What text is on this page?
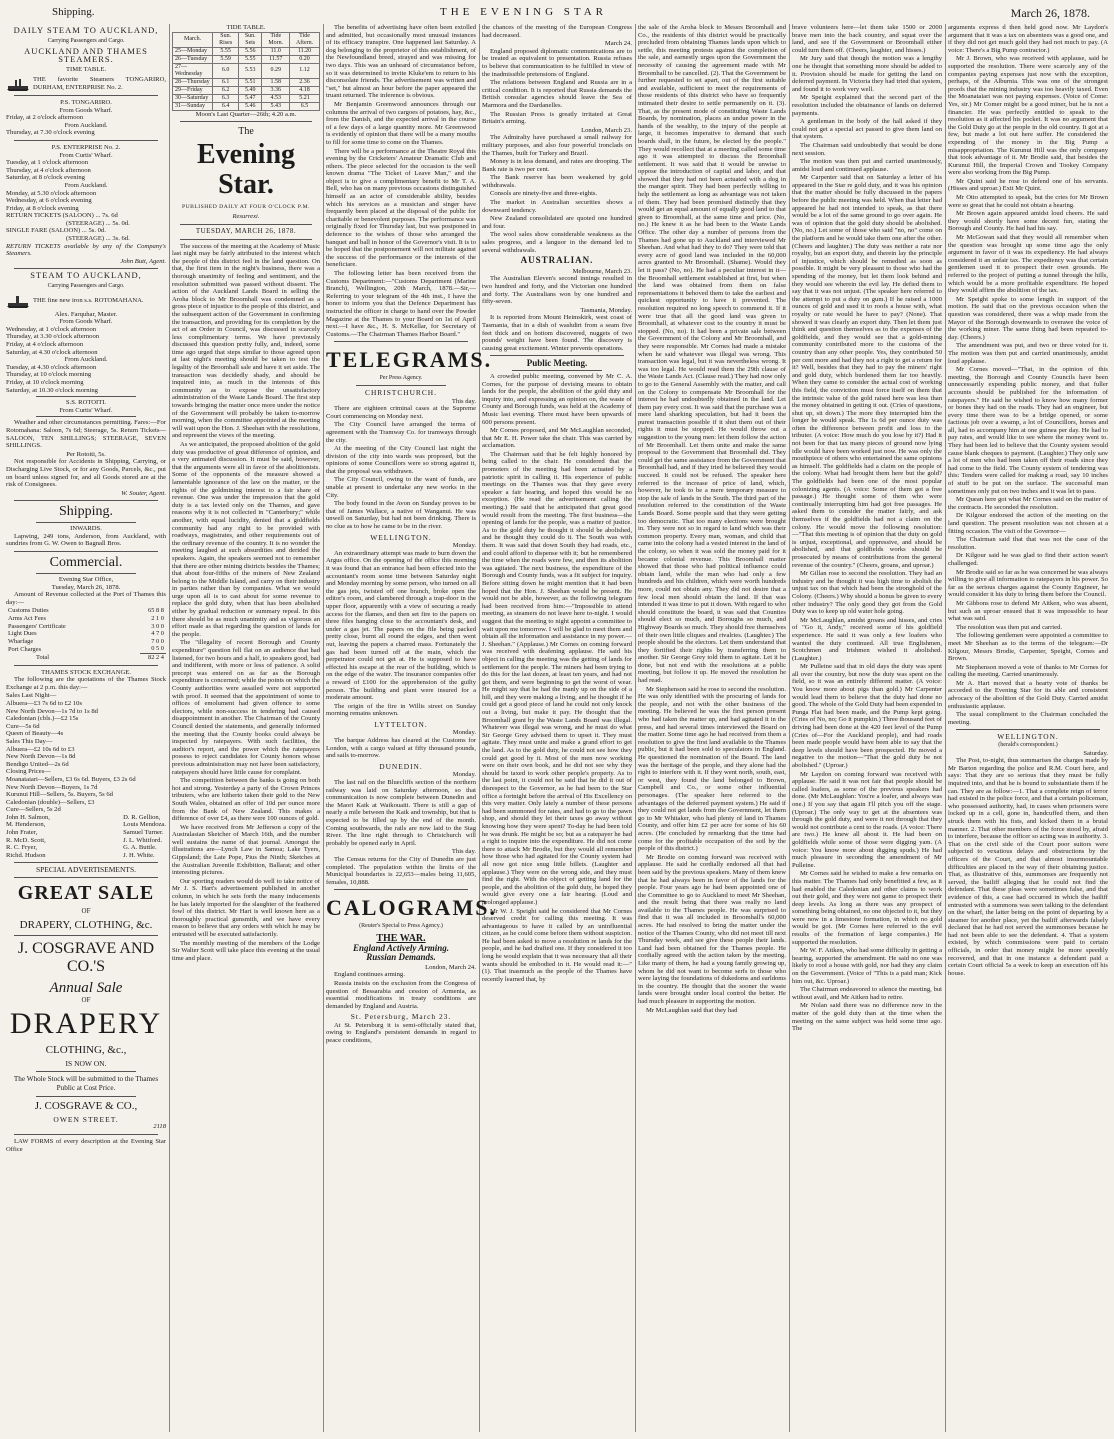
Shipping.	THE EVENING STAR	March 26, 1878.
DAILY STEAM TO AUCKLAND,
Carrying Passengers and Cargo.
AUCKLAND AND THAMES STEAMERS.
TIME TABLE.
THE favorite Steamers TONGARIRO, DURHAM, ENTERPRISE No. 2.
P.S. TONGARIRO.
From Goods Wharf.
Friday, at 2 o'clock afternoon
From Auckland.
Thursday, at 7.30 o'clock evening
P.S. ENTERPRISE No. 2.
From Curtis' Wharf.
Tuesday, at 1 o'clock afternoon
Thursday, at 4 o'clock afternoon
Saturday, at 8 o'clock evening
From Auckland.
Monday, at 5.30 o'clock afternoon
Wednesday, at 6 o'clock evening
Friday, at 8 o'clock evening
RETURN TICKETS (SALOON) ... 7s. 6d
(STEERAGE) ... 5s. 0d.
SINGLE FARE (SALOON) ... 5s. 0d.
(STEERAGE) ... 3s. 6d.
RETURN TICKETS available by any of the Company's Steamers.
John Butt, Agent.
STEAM TO AUCKLAND,
Carrying Passengers and Cargo.
THE fine new iron s.s. ROTOMAHANA.
Alex. Farquhar, Master.
From Goods Wharf.
Wednesday, at 1 o'clock afternoon
Thursday, at 3.30 o'clock afternoon
Friday, at 4 o'clock afternoon
Saturday, at 4.30 o'clock afternoon
From Auckland.
Tuesday, at 4.30 o'clock afternoon
Thursday, at 10 o'clock morning
Friday, at 10 o'clock morning
Saturday, at 10.30 o'clock morning
S.S. ROTOITI.
From Curtis' Wharf.

Weather and other circumstances permitting. Fares:—For Rotomahana: Saloon, 7s 6d; Steerage, 5s. Return Tickets—SALOON, TEN SHILLINGS; STEERAGE, SEVEN SHILLINGS.

Per Rotoiti, 5s.

Not responsible for Accidents in Shipping, Carrying, or Discharging Live Stock, or for any Goods, Parcels, &c., put on board unless signed for, and all Goods stored are at the risk of Consignees.

W. Souter, Agent.
Shipping.
INWARDS.

Lapwing, 249 tons, Anderson, from Auckland, with sundries from G. W. Owen to Bagnall Bros.

Commercial.
Evening Star Office,
Tuesday, March 26, 1878.

Amount of Revenue collected at the Port of Thames this day:—

Customs Duties	65 8 8
Arms Act Fees	2 1 0
Passengers' Certificate	3 0 0
Light Dues	4 7 0
Wharfage	7 0 0
Port Charges	0 5 0
Total	82 2 4
THAMES STOCK EXCHANGE.

The following are the quotations of the Thames Stock Exchange at 2 p.m. this day:—

Sales Last Night—
Albuera—£3 7s 6d to £2 10s
New North Devon—1s 7d to 1s 8d
Caledonian (cbls.)—£2 15s
Cure—5s 6d
Queen of Beauty—4s
Sales This Day—
Albuera—£2 10s 6d to £3
New North Devon—1s 8d
Bendigo United—2s 6d
Closing Prices—
Moanataiari—Sellers, £3 6s 6d. Buyers, £3 2s 6d
New North Devon—Buyers, 1s 7d
Kurunui Hill—Sellers, 5s. Buyers, 5s 6d
Caledonian (double)—Sellers, £3
Cure—Sellers, 5s 2d
John H. Salmon,
M. Henderson,
John Frater,
R. McD. Scott,
R. C. Fryer,
Richd. Hudson
D. R. Gellion,
Louis Mendoza.
Samuel Turner.
J. L. Whitford.
G. A. Buttle.
J. H. White.
SPECIAL ADVERTISEMENTS.
GREAT SALE
OF
DRAPERY, CLOTHING, &c.
J. COSGRAVE AND CO.'S
Annual Sale
OF
DRAPERY
CLOTHING, &c.,
IS NOW ON.

The Whole Stock will be submitted to the Thames Public at Cost Price.

J. COSGRAVE & CO.,
OWEN STREET.
2118

LAW FORMS of every description at the Evening Star Office

TIDE TABLE.
March.	Sun. Rises	Sun. Sets	Tide Morn.	Tide Aftern.
25—Monday	5.55	5.56	11.0	11.20
26—Tuesday	5.59	5.55	11.57	0.20
27—Wednesday	6.0	5.53	0.29	1.12
28—Thursday	6.1	5.51	1.58	2.36
29—Friday	6.2	5.49	3.36	4.18
30—Saturday	6.3	5.47	4.53	5.21
31—Sunday	6.4	5.46	5.43	6.5
Moon's Last Quarter—26th; 4.20 a.m.
The
Evening Star.
PUBLISHED DAILY AT FOUR O'CLOCK P.M.
Resurrexi.
TUESDAY, MARCH 26, 1878.

The success of the meeting at the Academy of Music last night may be fairly attributed to the interest which the people of this district feel in the land question. On that, the first item in the night's business, there was a thorough unanimity of feeling and sentiment, and the resolution submitted was passed without dissent. The action of the Auckland Lands Board in selling the Aroha block to Mr Broomhall was condemned as a gross piece of injustice to the people of this district, and the subsequent action of the Government in confirming the transaction, and providing for its completion by the act of an Order in Council, was discussed in scarcely less complimentary terms. We have previously discussed this question pretty fully, and, indeed, some time ago urged that steps similar to those agreed upon at last night's meeting should be taken to test the legality of the Broomhall sale and have it set aside. The transaction was decidedly shady, and should be inquired into, as much in the interests of this community as to expose the unsatisfactory administration of the Waste Lands Board. The first step towards bringing the matter once more under the notice of the Government will probably be taken to-morrow morning, when the committee appointed at the meeting will wait upon the Hon. J. Sheehan with the resolutions, and represent the views of the meeting.

As we anticipated, the proposed abolition of the gold duty was productive of great difference of opinion, and a very animated discussion. It must be said, however, that the arguments were all in favor of the abolitionists. Some of the opponents of the measure showed a lamentable ignorance of the law on the matter, or the rights of the goldmining interest to a fair share of revenue. One was under the impression that the gold duty is a tax levied only on the Thames, and gave reasons why it is not collected in "Canterbury;" while another, with equal lucidity, denied that a goldfields community had any right to be provided with roadways, magistrates, and other requirements out of the ordinary revenue of the country. It is no wonder the meeting laughed at such absurdities and derided the speakers. Again, the speakers seemed not to remember that there are other mining districts besides the Thames; that about four-fifths of the miners of New Zealand belong to the Middle Island, and carry on their industry in parties rather than by companies. What we would urge upon all is to cast about for some revenue to replace the gold duty, when that has been abolished either by gradual reduction or summary repeal. In this there should be as much unanimity and as vigorous an effort made as that regarding the question of lands for the people.

The "illegality of recent Borough and County expenditure" question fell flat on an audience that had listened, for two hours and a half, to speakers good, bad and indifferent, with more or less of patience. A solid precept was entered on as far as the Borough expenditure is concerned; while the points on which the County authorities were assailed were not supported with proof. It seemed that the appointment of some to offices of emolument had given offence to some electors, while non-success in tendering had caused disappointment in another. The Chairman of the County Council denied the statements, and generally informed the meeting that the County books could always be inspected by ratepayers. With such facilities, the auditor's report, and the power which the ratepayers possess to reject candidates for County honors whose previous administration may not have been satisfactory, ratepayers should have little cause for complaint.

The competition between the banks is going on both hot and strong. Yesterday a party of the Crown Princes tributers, who are hitherto taken their gold to the New South Wales, obtained an offer of 10d per ounce more from the Bank of New Zealand. This makes a difference of over £4, as there were 100 ounces of gold.

We have received from Mr Jefferson a copy of the Australasian Sketcher of March 16th, and the number well sustains the name of that journal. Amongst the illustrations are—Lynch Law in Samoa; Lake Tyers, Gippsland; the Late Pope, Pius the Ninth; Sketches at the Australian Juvenile Exhibition, Ballarat; and other interesting pictures.

Our sporting readers would do well to take notice of Mr J. S. Hart's advertisement published in another column, in which he sets forth the many inducements he has lately imported for the slaughter of the feathered fowl of this district. Mr Hart is well known here as a thoroughly practical gunsmith, and we have every reason to believe that any orders with which he may be entrusted will be executed satisfactorily.

The monthly meeting of the members of the Lodge Sir Walter Scott will take place this evening at the usual time and place.

The benefits of advertising have often been extolled and admitted, but occasionally most unusual instances of its efficacy transpire. One happened last Saturday. A dog belonging to the proprietor of this establishment, of the Newfoundland breed, strayed and was missing for two days. This was an unheard of circumstance before, so it was determined to invite Kluke'em to return to his disconsolate friends. The advertisement was written and "set," but almost an hour before the paper appeared the truant returned. The inference is obvious.

Mr Benjamin Greenwood announces through our columns the arrival of two cargoes of potatoes, hay, &c., from the Danish, and the expected arrival in the course of a few days of a large quantity more. Mr Greenwood is evidently of opinion that there will be a many mouths to fill for some time to come on the Thames.

There will be a performance at the Theatre Royal this evening by the Cricketers' Amateur Dramatic Club and others. The piece selected for the occasion is the well known drama "The Ticket of Leave Man," and the object is to give a complimentary benefit to Mr T. A. Bell, who has on many previous occasions distinguished himself as an actor of considerable ability, besides which his services as a musician and singer have frequently been placed at the disposal of the public for charitable or benevolent purposes. The performance was originally fixed for Thursday last, but was postponed in deference to the wishes of those who arranged the banquet and ball in honor of the Governor's visit. It is to be hoped that the postponement will not militate against the success of the performance or the interests of the beneficiare.

The following letter has been received from the Customs Department:—"Customs Department (Marine Branch), Wellington, 20th March, 1878.—Sir,—Referring to your telegram of the 4th inst., I have the honor to inform you that the Defence Department has instructed the officer in charge to hand over the Powder Magazine at the Thames to your Board on 1st of April next.—I have &c., H. S. McKellar, for Secretary of Customs.—The Chairman Thames Harbor Board."

TELEGRAMS.
Per Press Agency.
CHRISTCHURCH.
This day.

There are eighteen criminal cases at the Supreme Court commencing on Monday next.

The City Council have arranged the terms of agreement with the Tramway Co. for tramways through the city.

At the meeting of the City Council last night the division of the city into wards was proposed, but the opinions of some Councillors were so strong against it, that the proposal was withdrawn.

The City Council, owing to the want of funds, are unable at present to undertake any new works in the City.

The body found in the Avon on Sunday proves to be that of James Wallace, a native of Wanganui. He was unwell on Saturday, but had not been drinking. There is no clue as to how he came to be in the river.

WELLINGTON.
Monday.

An extraordinary attempt was made to burn down the Argus office. On the opening of the office this morning it was found that an entrance had been effected into the accountant's room some time between Saturday night and Monday morning by some person, who turned on all the gas jets, twisted off one branch, broke open the editor's room, and clambered through a trap-door in the upper floor, apparently with a view of securing a ready access for the flames, and then set fire to the papers on three files hanging close to the accountant's desk, and under a gas jet. The papers on the file being packed pretty close, burnt all round the edges, and then went out, leaving the papers a charred mass. Fortunately the gas had been turned off at the main, which the perpetrator could not get at. He is supposed to have effected his escape at the rear of the building, which is on the edge of the water. The insurance companies offer a reward of £100 for the apprehension of the guilty person. The building and plant were insured for a moderate amount.

The origin of the fire in Willis street on Sunday morning remains unknown.

LYTTELTON.
Monday.

The barque Address has cleared at the Customs for London, with a cargo valued at fifty thousand pounds, and sails to-morrow.

DUNEDIN.
Monday.

The last rail on the Bluecliffs section of the northern railway was laid on Saturday afternoon, so that communication is now complete between Dunedin and the Maori Kaik at Waikouaiti. There is still a gap of nearly a mile between the Kaik and township, but that is expected to be filled up by the end of the month. Coming southwards, the rails are now laid to the Stag River. The line right through to Christchurch will probably be opened early in April.

This day.

The Census returns for the City of Dunedin are just completed. The population within the limits of the Municipal boundaries is 22,653—males being 11,605, females, 10,888.

CALOGRAMS.
(Reuter's Special to Press Agency.)
THE WAR.
England Actively Arming.
Russian Demands.
London, March 24.

England continues arming.

Russia insists on the exclusion from the Congress of question of Bessarabia and cession of Armenia, as essential modifications in treaty conditions are demanded by England and Austria.

St. Petersburg, March 23.

At St. Petersburg it is semi-officially stated that, owing to England's persistent demands in regard to peace conditions,

the chances of the meeting of the European Congress had decreased.

March 24.

England proposed diplomatic communications are to be treated as equivalent to presentation. Russia refuses to believe that communication to be fulfilled in view of the inadmissible pretensions of England.

The relations between England and Russia are in a critical condition. It is reported that Russia demands the British consular agencies should leave the Sea of Marmora and the Dardanelles.

The Russian Press is greatly irritated at Great Britain's arming.

London, March 23.

The Admiralty have purchased a small railway for military purposes, and also four powerful ironclads on the Thames, built for Turkey and Brazil.

Money is in less demand, and rates are drooping. The Bank rate is two per cent.

The Bank reserve has been weakened by gold withdrawals.

Consols are ninety-five and three-eights.

The market in Australian securities shows a downward tendency.

New Zealand consolidated are quoted one hundred and four.

The wool sales show considerable weakness as the sales progress, and a languor in the demand led to several withdrawals.

AUSTRALIAN.
Melbourne, March 23.

The Australian Eleven's second innings resulted in two hundred and forty, and the Victorian one hundred and forty. The Australians won by one hundred and fifty-seven.

Tasmania, Monday.

It is reported from Mount Heimskirk, west coast of Tasmania, that in a dish of washdirt from a seam five feet thick and on bottom discovered, nuggets of two pounds' weight have been found. The discovery is causing great excitement. Winter prevents operations.

Public Meeting.

A crowded public meeting, convened by Mr C. A. Cornes, for the purpose of devising means to obtain lands for the people, the abolition of the gold duty and inquiry into, and expressing an opinion on, the waste of County and Borough funds, was held at the Academy of Music last evening. There must have been upwards of 600 persons present.

Mr Cornes proposed, and Mr McLaughlan seconded, that Mr E. H. Power take the chair. This was carried by acclamation.

The Chairman said that he felt highly honored by being called to the chair. He considered that the promoters of the meeting had been actuated by a patriotic spirit in calling it. His experience of public meetings on the Thames was that they gave every speaker a fair hearing, and hoped this would be no exception. (He read the advertisement calling the meeting.) He said that he anticipated that great good would result from the meeting. The first business—the opening of lands for the people, was a matter of justice. As to the gold duty he thought it should be abolished, and he thought they could do it. The South was with them. It was said that down South they had roads, etc., and could afford to dispense with it; but he remembered the time when the roads were few, and then its abolition was agitated. The next business, the expenditure of the Borough and County funds, was a fit subject for inquiry. Before sitting down he might mention that it had been hoped that the Hon. J. Sheehan would be present. He would not be able, however, as the following telegram had been received from him:—"Impossible to attend meeting, as steamers do not leave here to-night. I would suggest that the meeting to night appoint a committee to wait upon me tomorrow. I will be glad to meet them and obtain all the information and assistance in my power.—J. Sheehan." (Applause.) Mr Cornes on coming forward was received with deafening applause. He said his object in calling the meeting was the getting of lands for settlement for the people. The miners had been trying to do this for the last dozen, at least ten years, and had not got them, and were beginning to get the worst of wear. He might say that he had the manly up on the side of a hill, and they were making a living, and he thought if he could get a good piece of land he could not only knock out a living, but make it pay. He thought that the Broomhall grant by the Waste Lands Board was illegal. Whatever was illegal was wrong, and he must do what Sir George Grey advised them to upset it. They must agitate. They must unite and make a grand effort to get the land. As to the gold duty, he could not see how they could get good by it. Most of the men now working were on their own book, and he did not see why they should be taxed to work other people's property. As to the last point, it could not be said that he did it out of disrespect to the Governor, as he had been to the Star office a fortnight before the arrival of His Excellency on this very matter. Only lately a number of these persons had been summoned for rates, and had to go to the pawn shop, and should they let their taxes go away without knowing how they were spent? To-day he had been told he was drunk. He might be so; but as a ratepayer he had a right to inquire into the expenditure. He did not come there to attack Mr Brodie, but they would all remember how those who had agitated for the County system had all now got nice snug little billets. (Laughter and applause.) They were on the wrong side, and they must find the right. With the object of getting land for the people, and the abolition of the gold duty, he hoped they would give every one a fair hearing. (Loud and prolonged applause.)

Mr W. J. Speight said he considered that Mr Cornes deserved credit for calling this meeting. It was advantageous to have it called by an uninfluential citizen, as he could come before them without suspicion. He had been asked to move a resolution re lands for the people, and he had drafted one. If they considered it too long he would explain that it was necessary that all their wants should be embodied in it. He would read it:—"(1). That inasmuch as the people of the Thames have recently learned that, by

the sale of the Aroha block to Messrs Broomhall and Co., the residents of this district would be practically precluded from obtaining Thames lands upon which to settle, this meeting protests against the completion of the sale, and earnestly urges upon the Government the necessity of causing the agreement made with Mr Broomhall to be cancelled. (2). That the Government be further requested to set apart, out of the first suitable and available, sufficient to meet the requirements of those residents of this district who have so frequently intimated their desire to settle permanently on it. (3). That, as the present mode of constituting Waste Lands Boards, by nomination, places an undue power in the hands of the wealthy, to the injury of the people at large, it becomes imperative to demand that such boards shall, in the future, be elected by the people." They would recollect that at a meeting called some time ago it was attempted to discuss the Broomhall settlement. It was said that it would be unwise to oppose the introduction of capital and labor, and that showed that they had not been actuated with a dog in the manger spirit. They had been perfectly willing to help the settlement as long as advantage was not taken of them. They had been promised distinctly that they would get an equal amount of equally good land to that given to Broomhall, at the same time and price. (No, no.) He knew it as he had been to the Waste Lands Office. The other day a number of persons from the Thames had gone up to Auckland and interviewed Mr Sheehan. And what had they to do? They were told that every acre of good land was included in the 60,000 acres granted to Mr Broomhall. (Shame). Would they let it pass? (No, no). He had a peculiar interest in it—the Broomhall settlement established at first, but when the land was obtained from them on false representations it behoved them to take the earliest and quickest opportunity to have it prevented. The resolution required no long speech to commend it. If it were true that all the good land was given to Broomhall, at whatever cost to the country it must be stopped. (No, no). It had been a private sale between the Government of the Colony and Mr Broomhall, and they were responsible. Mr Cornes had made a mistake when he said whatever was illegal was wrong. This transaction was legal, but it was nevertheless wrong. It was too legal. He would read them the 29th clause of the Waste Lands Act. (Clause read.) They had now only to go to the General Assembly with the matter, and call on the Colony to compensate Mr Broomhall for the interest he had undoubtedly obtained in the land. Let them pay every cost. It was said that the purchase was a mere land sharking speculation, but had it been the purest transaction possible if it shut them out of their rights it must be stopped. He would throw out a suggestion to the young men: let them follow the action of Mr Broomhall. Let them unite and make the same proposal to the Government that Broomhall did. They could get the same assistance from the Government that Broomhall had, and if they tried he believed they would succeed. It could not be refused. The speaker here referred to the increase of price of land, which, however, he took to be a mere temporary measure to stop the sale of lands in the South. The third part of the resolution referred to the constitution of the Waste Lands Board. Some people said that they were getting too democratic. That too many elections were brought in. They were not so in regard to land which was their common property. Every man, woman, and child that came into the colony had a vested interest in the land of the colony, so when it was sold the money paid for it became colonial revenue. This Broomhall matter showed that those who had political influence could obtain land, while the man who had only a few hundreds and his children, which were worth hundreds more, could not obtain any. They did not desire that a few local men should obtain the land. If that was intended it was time to put it down. With regard to who should constitute the board, it was said that Counties should elect so much, and Boroughs so much, and Highway Boards so much. They should free themselves of their own little cliques and rivalries. (Laughter.) The people should be the electors. Let them understand that they fortified their rights by transferring them to another. Sir George Grey told them to agitate. Let it be done, but not end with the resolutions at a public meeting, but follow it up. He moved the resolution he had read.

Mr Stephenson said he rose to second the resolution. He was only identified with the procuring of lands for the people, and not with the other business of the meeting. He believed he was the first person present who had taken the matter up, and had agitated it in the press, and had several times interviewed the Board on the matter. Some time ago he had received from them a resolution to give the first land available to the Thames public, but it had been sold to speculators in England. He questioned the nomination of the Board. The land was the heritage of the people, and they alone had the right to interfere with it. If they went north, south, east, or west, they found the land belonged to Brown, Campbell and Co., or some other influential personages. (The speaker here referred to the advantages of the deferred payment system.) He said if they could not get lands from the Government, let them go to Mr Whitaker, who had plenty of land in Thames County, and offer him £2 per acre for some of his 60 acres. (He concluded by remarking that the time had come for the profitable occupation of the soil by the people of this district.)

Mr Brodie on coming forward was received with applause. He said he cordially endorsed all that had been said by the previous speakers. Many of them knew that he had always been in favor of the lands for the people. Four years ago he had been appointed one of the Committee to go to Auckland to meet Mr Sheehan, and the result being that there was really no land available to the Thames people. He was surprised to find that it was all included in Broomhall's 60,000 acres. He had resolved to bring the matter under the notice of the Thames County, who did not meet till next Thursday week, and see give these people their lands. Land had been obtained for the Thames people. He cordially agreed with the action taken by the meeting. Like many of them, he had a young family growing up, whom he did not want to become serfs to those who were laying the foundations of dukedoms and earldoms in the country. He thought that the sooner the waste lands were brought under local control the better. He had much pleasure in supporting the motion.

Mr McLaughlan said that they had

brave volunteers here—let them take 1500 or 2000 brave men into the back country, and squat over the land, and see if the Government or Broomhall either could turn them off. (Cheers, laughter, and hisses.)

Mr Jury said that though the motion was a lengthy one he thought that something more should be added to it. Provision should be made for getting the land on deferred payment. In Victoria they had tried that system, and found it to work very well.

Mr Speight explained that the second part of the resolution included the obtainance of lands on deferred payments.

A gentleman in the body of the hall asked if they could not get a special act passed to give them land on that system.

The Chairman said undoubtedly that would be done next session.

The motion was then put and carried unanimously, amidst loud and continued applause.

Mr Carpenter said that on Saturday a letter of his appeared in the Star re gold duty, and it was his opinion that the matter should be fully discussed in the papers before the public meeting was held. When that letter had appeared he had not intended to speak, as that there would be a lot of the same ground to go over again. He was of opinion that the gold duty should be abolished. (No, no.) Let some of those who said "no, no" come on the platform and he would take them one after the other. (Cheers and laughter.) The duty was neither a rate nor royalty, but an export duty, and therein lay the principle of injustice, which should be remedied as soon as possible. It might be very pleasant to those who had the spending of the money, but let them look behind and they would see wherein the evil lay. He defied them to say that it was not unjust. (The speaker here referred to the attempt to put a duty on gum.) If he raised a 1000 ounces of gold and used it to roofs a house with, what royalty or rate would he have to pay? (None). That showed it was clearly an export duty. Then let them just think and question themselves as to the expenses of the goldfields, and they would see that a gold-mining community contributed more to the customs of the country than any other people. Yes, they contributed 50 per cent more and had they not a right to get a return for it? Well, besides that they had to pay the miners' right and gold duty, which burdened them far too heavily. When they came to consider the actual cost of working this field, the conviction must force itself on them that the intrinsic value of the gold raised here was less than the money obtained in getting it out. (Cries of questions, shut up, sit down.) The more they interrupted him the longer he would speak. The 1s 6d per ounce duty was often the difference between profit and loss to the tributer. (A voice: How much do you lose by it?) Had it not been for that tax many pieces of ground now lying idle would have been worked just now. He was only the mouthpiece of others who entertained the same opinions as himself. The goldfields had a claim on the people of the colony. What had brought them here but the gold? The goldfields had been one of the most popular colonizing agents. (A voice: Some of them got a free passage.) He thought some of them who were continually interrupting him had got free passages. He asked them to consider the matter fairly, and ask themselves if the goldfields had not a claim on the colony. He would move the following resolution:—"That this meeting is of opinion that the duty on gold is unjust, exceptional, and oppressive, and should be abolished, and that goldfields works should be prosecuted by means of contributions from the general revenue of the country." (Cheers, groans, and uproar.)

Mr Gillan rose to second the resolution. They had an industry and he thought it was high time to abolish the unjust tax on that which had been the stronghold of the Colony. (Cheers.) Why should a bonus be given to every other industry? The only good they got from the Gold Duty was to keep up old water hole going.

Mr McLaughlan, amidst groans and hisses, and cries of "Go it, Andy," received some of his goldfield experience. He said it was only a few loafers who wanted the duty continued. All true Englishmen, Scotchmen and Irishmen wished it abolished. (Laughter.)

Mr Pulleine said that in old days the duty was spent all over the country, but now the duty was spent on the field, so it was an entirely different matter. (A voice: You know more about pigs than gold.) Mr Carpenter would lead them to believe that the duty had done no good. The whole of the Gold Duty had been expended in Punga Flat had been made, and the Pump kept going. (Cries of No, no; Go it pumpkin.) Three thousand feet of driving had been done at the 420 feet level of the Pump (Cries of—For the Auckland people), and had roads been made people would have been able to say that the deep levels should have been prospected. He moved a negative to the motion—"That the gold duty be not abolished." (Uproar.)

Mr Laydon on coming forward was received with applause. He said it was not fair that people should be called loafers, as some of the previous speakers had done. (Mr McLaughlan: You're a loafer, and always was one.) If you say that again I'll pitch you off the stage. (Uproar.) The only way to get at the absentees was through the gold duty, and were it not through that they would not contribute a cent to the roads. (A voice: There are two.) He knew all about it. He had been on goldfields while some of those were digging yam. (A voice: You know more about digging spuds.) He had much pleasure in seconding the amendment of Mr Pulleine.

Mr Cornes said he wished to make a few remarks on this matter. The Thames had only benefitted a few, as it had enabled the Caledonian and other claims to work out their gold, and they were not game to prospect their deep levels. As long as there was any prospect of something being obtained, no one objected to it, but they were now in a limestone formation, in which no gold would be got. (Mr Cornes here referred to the evil results of the formation of large companies.) He supported the resolution.

Mr W. F. Aitken, who had some difficulty in getting a hearing, supported the amendment. He said no one was likely to roof a house with gold, nor had they any claim on the Government. (Voice of "This is a paid man; Kick him out, &c. Uproar.)

The Chairman endeavored to silence the meeting, but without avail, and Mr Aitken had to retire.

Mr Nolan said there was no difference now in the matter of the gold duty than at the time when the meeting on the same subject was held some time ago. The

arguments express d then held good now. Mr Laydon's argument that it was a tax on absentees was a good one, and if they did not get much gold they had not much to pay. (A voice: There's a Big Pump contractor.)

Mr J. Brown, who was received with applause, said he supported the resolution. There were scarcely any of the companies paying expenses just now with the exception, perhaps, of the Alburnia. This was one of the strongest proofs that the mining industry was too heavily taxed. Even the Moanataiari was not paying expenses. (Voice of Come: Yes, sir.) Mr Comer might be a good miner, but he is not a financier. He was perfectly entitled to speak to the resolution as it affected his pocket. It was no argument that the Gold Duty go at the people in the old country. It got at a few, but made a lot out here suffer. He considered the expending of the money in the Big Pump a misappropriation. The Kurunui Hill was the only company that took advantage of it. Mr Brodie said, that besides the Kurunui Hill, the Imperial Crown and Tookey Company were also working from the Big Pump.

Mr Quint said he rose to defend one of his servants. (Hisses and uproar.) Exit Mr Quint.

Mr Otto attempted to speak, but the cries for Mr Brown were so great that he could not obtain a hearing.

Mr Brown again appeared amidst loud cheers. He said they would shortly have some decent fun, stating the Borough and County. He had had his say.

Mr McGowan said that they would all remember when the question was brought up some time ago the only argument in favor of it was its expediency. He had always considered it an unfair tax. The expediency was that certain gentlemen used it to prospect their own grounds. He referred to the project of putting a tunnel through the hills, which would be a more profitable expenditure. He hoped they would affirm the abolition of the tax.

Mr Speight spoke to some length in support of the motion. He said that on the previous occasion when the question was considered, there was a whip made from the Mayor of the Borough downwards to overawe the voice of the working miner. The same thing had been repeated to-day. (Cheers.)

The amendment was put, and two or three voted for it. The motion was then put and carried unanimously, amidst loud applause.

Mr Cornes moved—"That, in the opinion of this meeting, the Borough and County Councils have been unnecessarily expending public money, and that fuller accounts should be published for the information of ratepayers." He said he wished to know how many former or bones they had on the roads. They had an engineer, but every time there was to be a bridge opened, or some factious job over a swamp, a lot of Councillors, horses and all, had to accompany him at one guinea per day. He had to pay rates, and would like to see where the money went to. They had been led to believe that the County system would cause blank cheques to payment. (Laughter.) They only saw a lot of men who had been taken off their roads since they had come to the field. The County system of tendering was this: Tenders were called for making a road, say 10 inches of stuff to be put on the surface. The successful man sometimes only put on two inches and it was let to pass.

Mr Quean here got what Mr Cornes said on the matter of the contracts. He seconded the resolution.

Dr Kilgour endorsed the action of the meeting on the land question. The present resolution was not chosen at a fitting occasion. The visit of the Governor—

The Chairman said that that was not the case of the resolution.

Dr Kilgour said he was glad to find their action wasn't challenged.

Mr Brodie said so far as he was concerned he was always willing to give all information to ratepayers in his power. So far as the serious charges against the County Engineer, he would consider it his duty to bring them before the Council.

Mr Gibbons rose to defend Mr Aitken, who was absent, but such an uproar ensued that it was impossible to hear what was said.

The resolution was then put and carried.

The following gentlemen were appointed a committee to meet Mr Sheehan as to the terms of the telegram:—Dr Kilgour, Messrs Brodie, Carpenter, Speight, Cornes and Brown.

Mr Stephenson moved a vote of thanks to Mr Cornes for calling the meeting. Carried unanimously.

Mr A. Hart moved that a hearty vote of thanks be accorded to the Evening Star for its able and consistent advocacy of the abolition of the Gold Duty. Carried amidst enthusiastic applause.

The usual compliment to the Chairman concluded the meeting.

WELLINGTON.
(herald's correspondent.)
Saturday.

The Post, to-night, thus summarises the charges made by Mr Barton regarding the police and R.M. Court here, and says: That they are so serious that they must be fully inquired into, and that he is bound to substantiate them if he can. They are as follow:—1. That a complete reign of terror had existed in the police force, and that a certain policeman, who possessed authority, had, in cases when prisoners were locked up in a cell, gone in, handcuffed them, and then struck them with his fists, and kicked them in a brutal manner. 2. That other members of the force stood by, afraid to interfere, because the officer so acting was in authority. 3. That on the civil side of the Court poor suitors were subjected to vexatious delays and obstructions by the officers of the Court, and that almost insurmountable difficulties are placed in the way of their obtaining justice. That, as illustrative of this, summonses are frequently not served, the bailiff alleging that he could not find the defendant. That these pleas were sometimes false, and that evidence of this, a case had occurred in which the bailiff entrusted with a summons was seen talking to the defendant on the wharf, the latter being on the point of departing by a steamer for another place, yet the bailiff afterwards falsely declared that he had not served the summonses because he had not been able to see the defendant. 4. That a system existed, by which commissions were paid to certain officials, in order that money might be more speedily recovered, and that in one instance a defendant paid a certain Court official 5s a week to keep an execution off his house.
